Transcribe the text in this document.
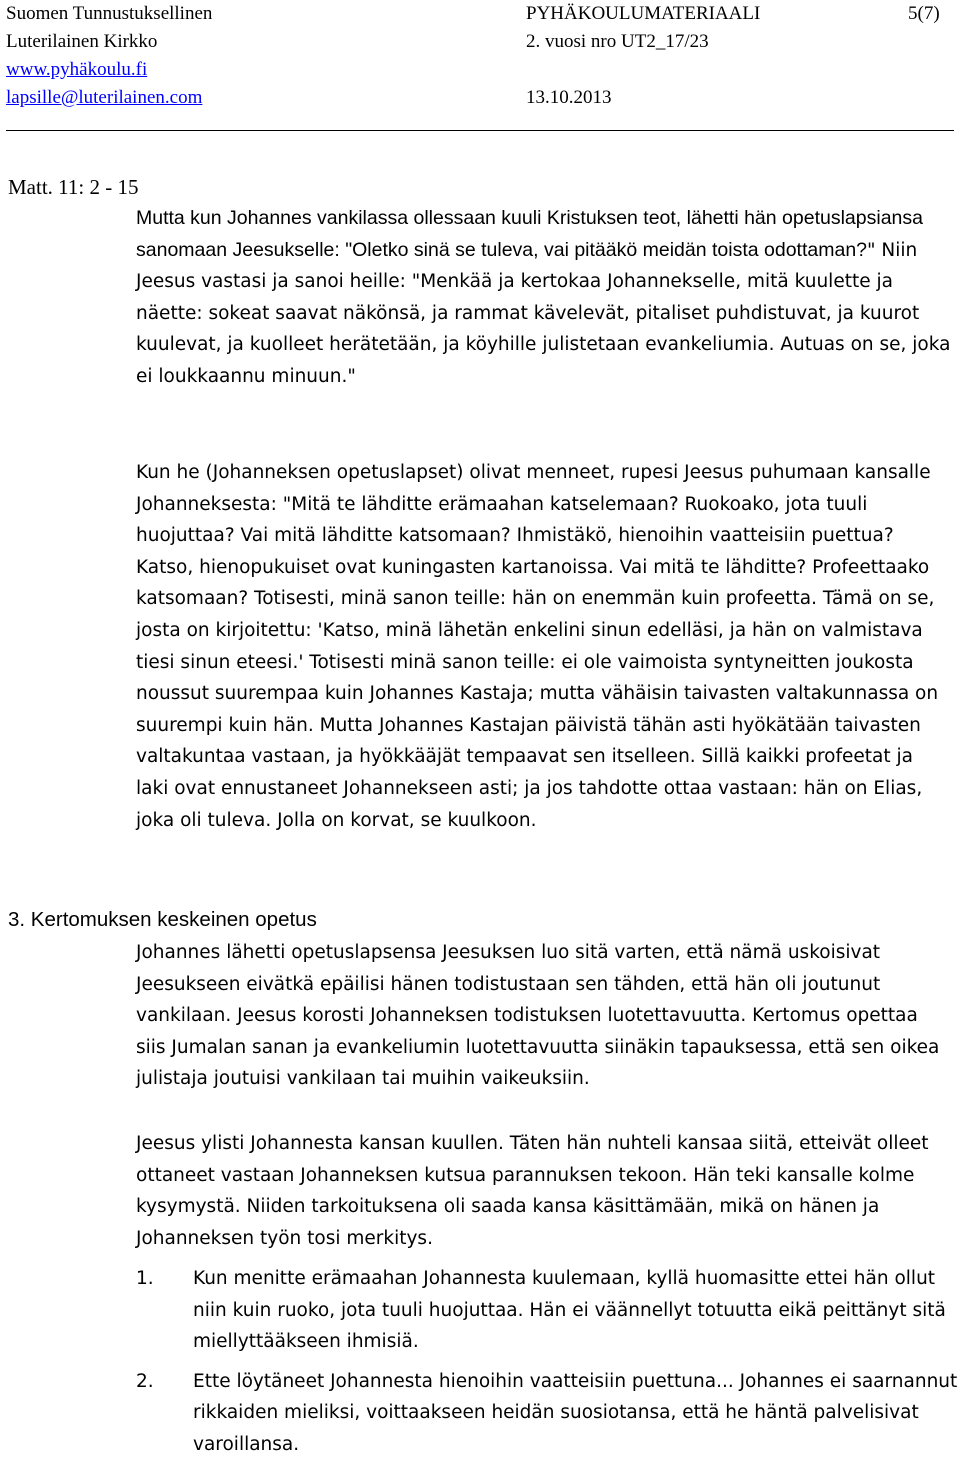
Suomen Tunnustuksellinen	PYHÄKOULUMATERIAALI	5(7)
Luterilainen Kirkko	2. vuosi nro UT2_17/23
www.pyhäkoulu.fi
lapsille@luterilainen.com	13.10.2013
Matt. 11: 2 - 15
Mutta kun Johannes vankilassa ollessaan kuuli Kristuksen teot, lähetti hän opetuslapsiansa sanomaan Jeesukselle: "Oletko sinä se tuleva, vai pitääkö meidän toista odottaman?" Niin Jeesus vastasi ja sanoi heille: "Menkää ja kertokaa Johannekselle, mitä kuulette ja näette: sokeat saavat näkönsä, ja rammat kävelevät, pitaliset puhdistuvat, ja kuurot kuulevat, ja kuolleet herätetään, ja köyhille julistetaan evankeliumia. Autuas on se, joka ei loukkaannu minuun."
Kun he (Johanneksen opetuslapset) olivat menneet, rupesi Jeesus puhumaan kansalle Johanneksesta: "Mitä te lähditte erämaahan katselemaan? Ruokoako, jota tuuli huojuttaa? Vai mitä lähditte katsomaan? Ihmistäkö, hienoihin vaatteisiin puettua? Katso, hienopukuiset ovat kuningasten kartanoissa. Vai mitä te lähditte? Profeettaako katsomaan? Totisesti, minä sanon teille: hän on enemmän kuin profeetta. Tämä on se, josta on kirjoitettu: 'Katso, minä lähetän enkelini sinun edelläsi, ja hän on valmistava tiesi sinun eteesi.' Totisesti minä sanon teille: ei ole vaimoista syntyneitten joukosta noussut suurempaa kuin Johannes Kastaja; mutta vähäisin taivasten valtakunnassa on suurempi kuin hän. Mutta Johannes Kastajan päivistä tähän asti hyökätään taivasten valtakuntaa vastaan, ja hyökkääjät tempaavat sen itselleen. Sillä kaikki profeetat ja laki ovat ennustaneet Johannekseen asti; ja jos tahdotte ottaa vastaan: hän on Elias, joka oli tuleva. Jolla on korvat, se kuulkoon.
3. Kertomuksen keskeinen opetus
Johannes lähetti opetuslapsensa Jeesuksen luo sitä varten, että nämä uskoisivat Jeesukseen eivätkä epäilisi hänen todistustaan sen tähden, että hän oli joutunut vankilaan. Jeesus korosti Johanneksen todistuksen luotettavuutta. Kertomus opettaa siis Jumalan sanan ja evankeliumin luotettavuutta siinäkin tapauksessa, että sen oikea julistaja joutuisi vankilaan tai muihin vaikeuksiin.
Jeesus ylisti Johannesta kansan kuullen. Täten hän nuhteli kansaa siitä, etteivät olleet ottaneet vastaan Johanneksen kutsua parannuksen tekoon. Hän teki kansalle kolme kysymystä. Niiden tarkoituksena oli saada kansa käsittämään, mikä on hänen ja Johanneksen työn tosi merkitys.
1. Kun menitte erämaahan Johannesta kuulemaan, kyllä huomasitte ettei hän ollut niin kuin ruoko, jota tuuli huojuttaa. Hän ei väännellyt totuutta eikä peittänyt sitä miellyttääkseen ihmisiä.
2. Ette löytäneet Johannesta hienoihin vaatteisiin puettuna... Johannes ei saarnannut rikkaiden mieliksi, voittaakseen heidän suosiotansa, että he häntä palvelisivat varoillansa.
